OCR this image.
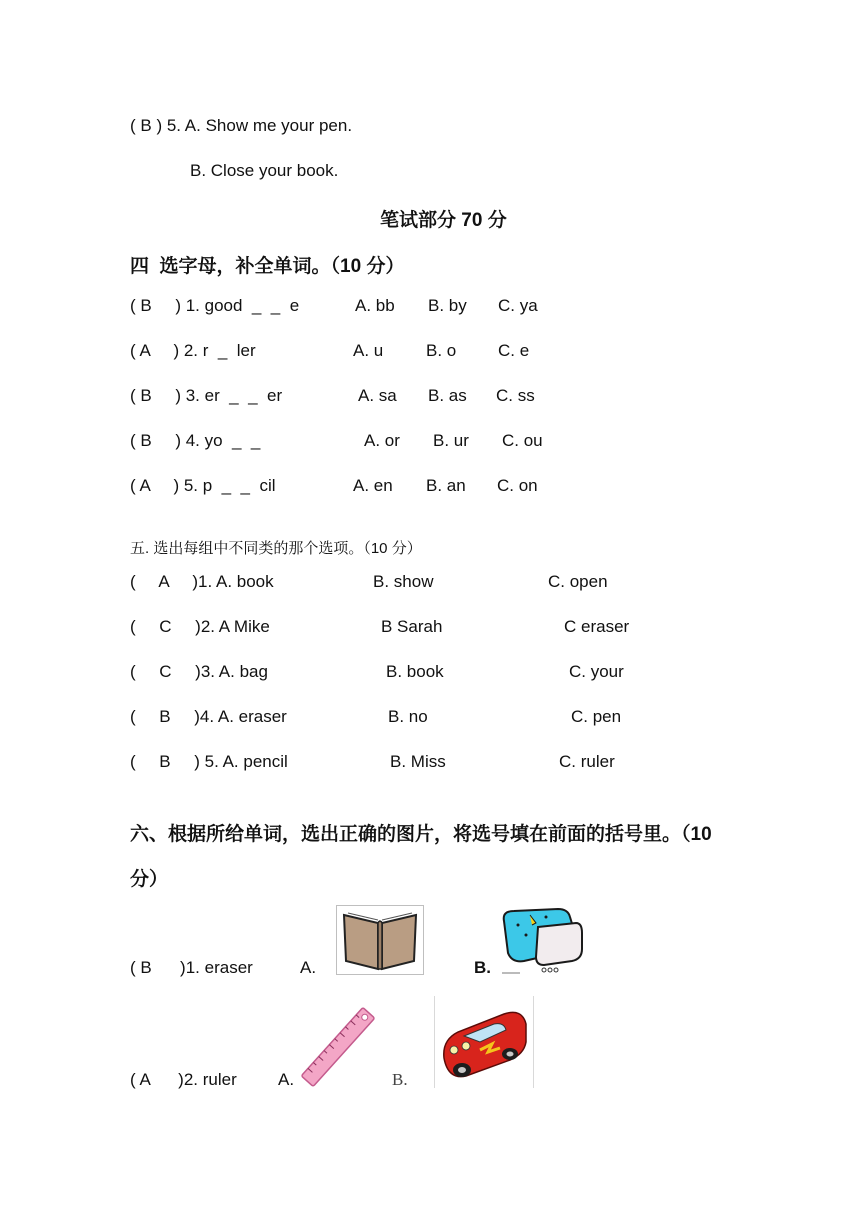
( B ) 5. A. Show me your pen.
B. Close your book.
笔试部分 70 分
四  选字母，补全单词。（10 分）
( B     ) 1. good  _  _  e	A. bb B. by C. ya
( A     ) 2. r  _  ler	A. u	B. o C. e
( B     ) 3. er  _  _  er	A. sa B. as C. ss
( B     ) 4. yo  _  _	A. or B. ur C. ou
( A     ) 5. p  _  _  cil	A. en B. an C. on
五. 选出每组中不同类的那个选项。（10 分）
(     A     )1. A. book	B. show	C. open
(     C     )2. A Mike	B Sarah	C eraser
(     C     )3. A. bag	B. book	C. your
(     B     )4. A. eraser	B. no	C. pen
(     B     ) 5. A. pencil	B. Miss	C. ruler
六、根据所给单词，选出正确的图片，将选号填在前面的括号里。（10
分）
( B      )1. eraser	A.	B.
( A      )2. ruler A.	B.
